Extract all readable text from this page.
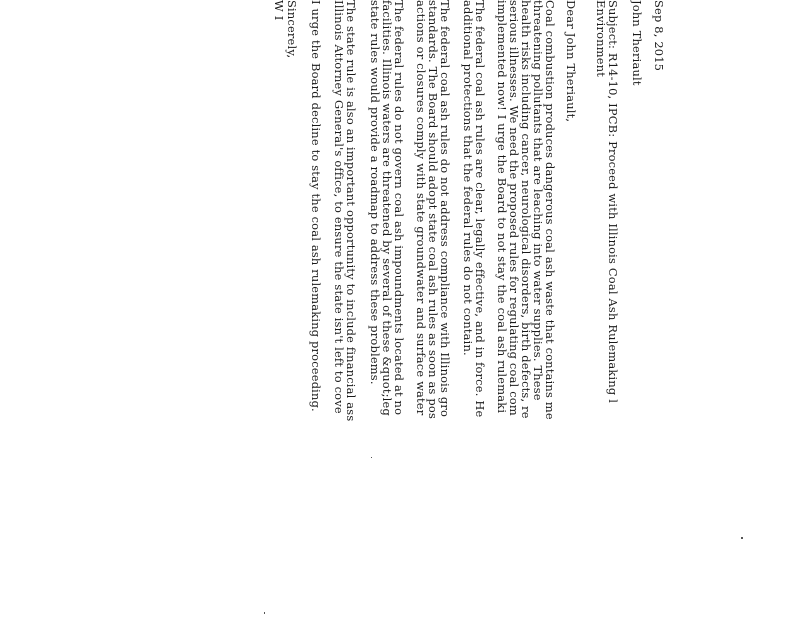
Sep 8, 2015
John Theriault
Subject: R14-10, IPCB: Proceed with Illinois Coal Ash Rulemaking l
Environment
Dear John Theriault,
Coal combustion produces dangerous coal ash waste that contains me
threatening pollutants that are leaching into water supplies. These
health risks including cancer, neurological disorders, birth defects, re
serious illnesses. We need the proposed rules for regulating coal com
implemented now! I urge the Board to not stay the coal ash rulemaki
The federal coal ash rules are clear, legally effective, and in force. He
additional protections that the federal rules do not contain.
The federal coal ash rules do not address compliance with Illinois gro
standards. The Board should adopt state coal ash rules as soon as pos
actions or closures comply with state groundwater and surface water
The federal rules do not govern coal ash impoundments located at no
facilities. Illinois waters are threatened by several of these &quot;leg
state rules would provide a roadmap to address these problems.
The state rule is also an important opportunity to include financial ass
Illinois Attorney General's office, to ensure the state isn't left to cove
I urge the Board decline to stay the coal ash rulemaking proceeding.
Sincerely,
W I
